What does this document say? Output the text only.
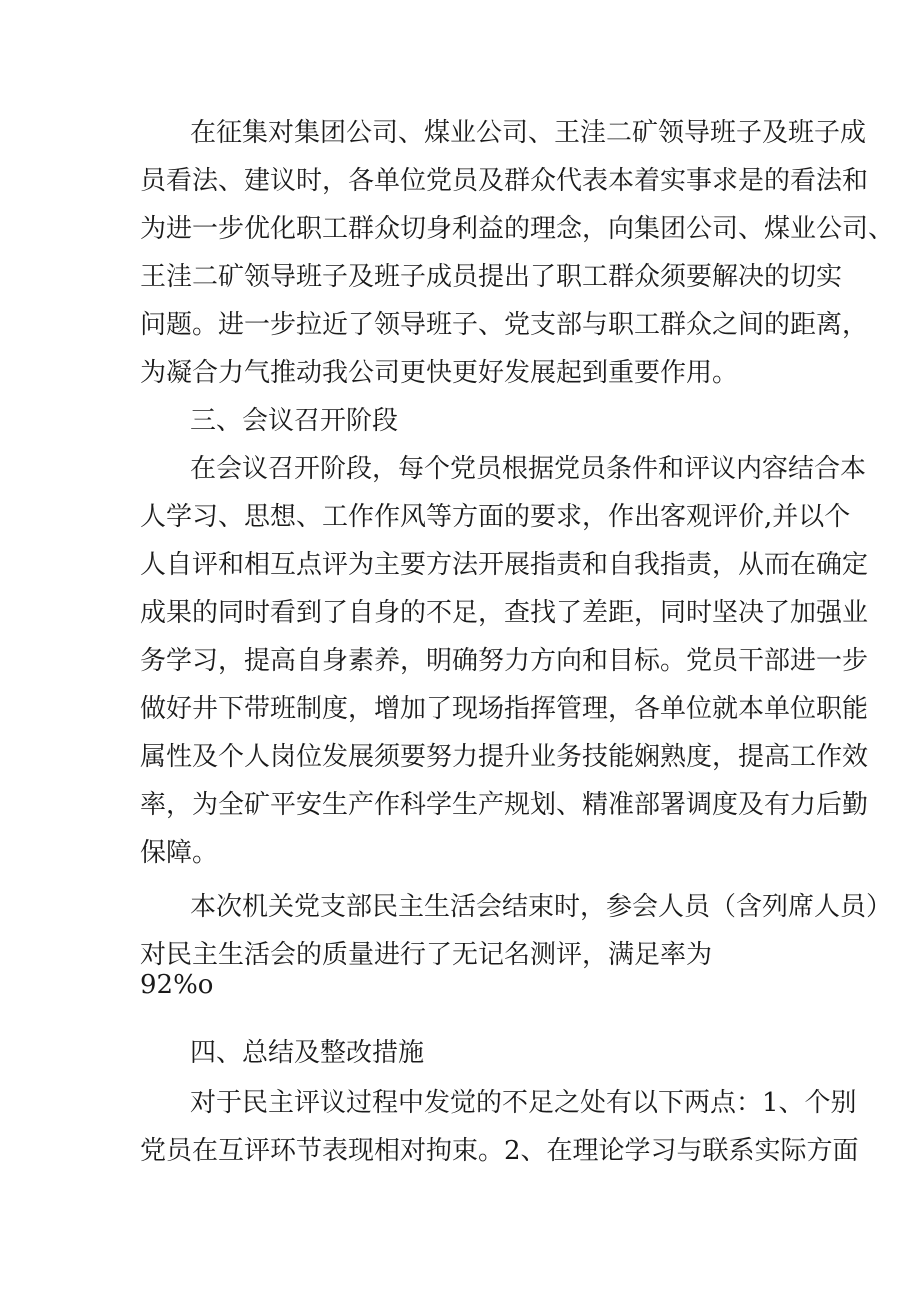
在征集对集团公司、煤业公司、王洼二矿领导班子及班子成
员看法、建议时，各单位党员及群众代表本着实事求是的看法和
为进一步优化职工群众切身利益的理念，向集团公司、煤业公司、
王洼二矿领导班子及班子成员提出了职工群众须要解决的切实
问题。进一步拉近了领导班子、党支部与职工群众之间的距离，
为凝合力气推动我公司更快更好发展起到重要作用。
三、会议召开阶段
在会议召开阶段，每个党员根据党员条件和评议内容结合本
人学习、思想、工作作风等方面的要求，作出客观评价,并以个
人自评和相互点评为主要方法开展指责和自我指责，从而在确定
成果的同时看到了自身的不足，查找了差距，同时坚决了加强业
务学习，提高自身素养，明确努力方向和目标。党员干部进一步
做好井下带班制度，增加了现场指挥管理，各单位就本单位职能
属性及个人岗位发展须要努力提升业务技能娴熟度，提高工作效
率，为全矿平安生产作科学生产规划、精准部署调度及有力后勤
保障。
本次机关党支部民主生活会结束时，参会人员（含列席人员）
对民主生活会的质量进行了无记名测评，满足率为
92%o
四、总结及整改措施
对于民主评议过程中发觉的不足之处有以下两点：1、个别
党员在互评环节表现相对拘束。2、在理论学习与联系实际方面
